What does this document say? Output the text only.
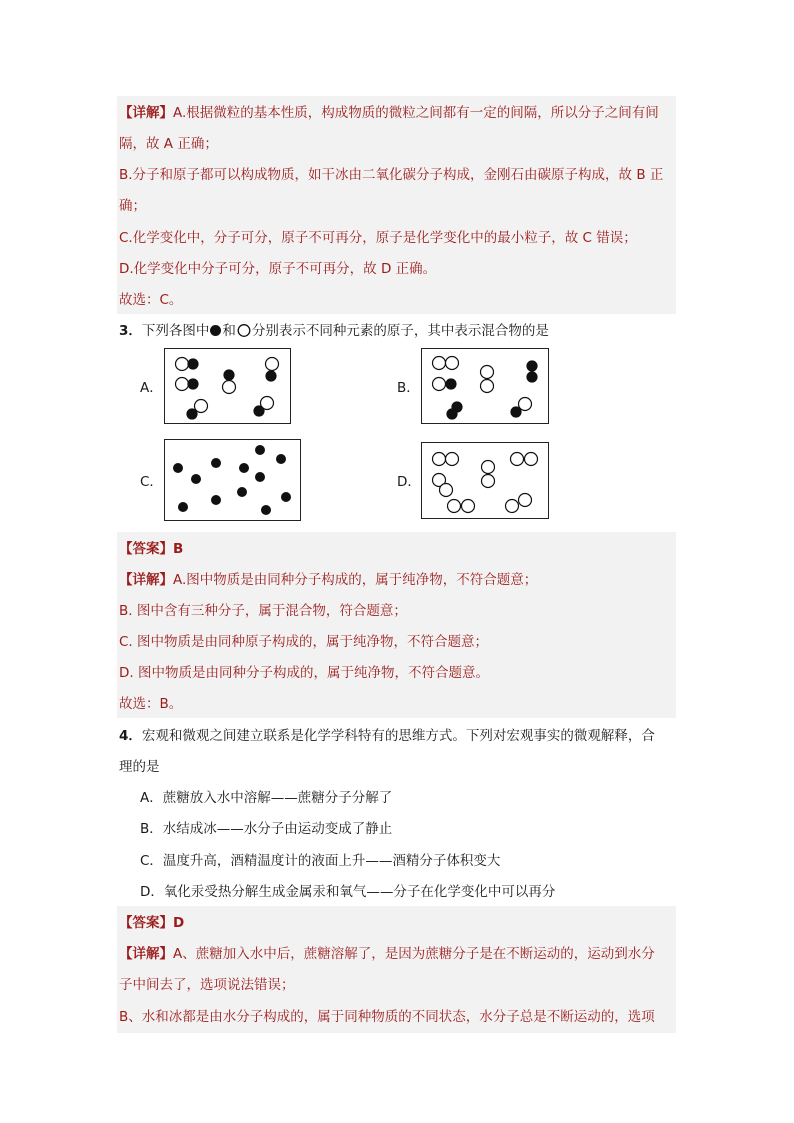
【详解】A.根据微粒的基本性质，构成物质的微粒之间都有一定的间隔，所以分子之间有间
隔，故 A 正确；
B.分子和原子都可以构成物质，如干冰由二氧化碳分子构成，金刚石由碳原子构成，故 B 正
确；
C.化学变化中，分子可分，原子不可再分，原子是化学变化中的最小粒子，故 C 错误；
D.化学变化中分子可分，原子不可再分，故 D 正确。
故选：C。
3．下列各图中 和 分别表示不同种元素的原子，其中表示混合物的是
A．	B．
C．	D．
【答案】B
【详解】A.图中物质是由同种分子构成的，属于纯净物，不符合题意；
B. 图中含有三种分子，属于混合物，符合题意；
C. 图中物质是由同种原子构成的，属于纯净物，不符合题意；
D. 图中物质是由同种分子构成的，属于纯净物，不符合题意。
故选：B。
4．宏观和微观之间建立联系是化学学科特有的思维方式。下列对宏观事实的微观解释，合
理的是
A．蔗糖放入水中溶解——蔗糖分子分解了
B．水结成冰——水分子由运动变成了静止
C．温度升高，酒精温度计的液面上升——酒精分子体积变大
D．氧化汞受热分解生成金属汞和氧气——分子在化学变化中可以再分
【答案】D
【详解】A、蔗糖加入水中后，蔗糖溶解了，是因为蔗糖分子是在不断运动的，运动到水分
子中间去了，选项说法错误；
B、水和冰都是由水分子构成的，属于同种物质的不同状态，水分子总是不断运动的，选项
